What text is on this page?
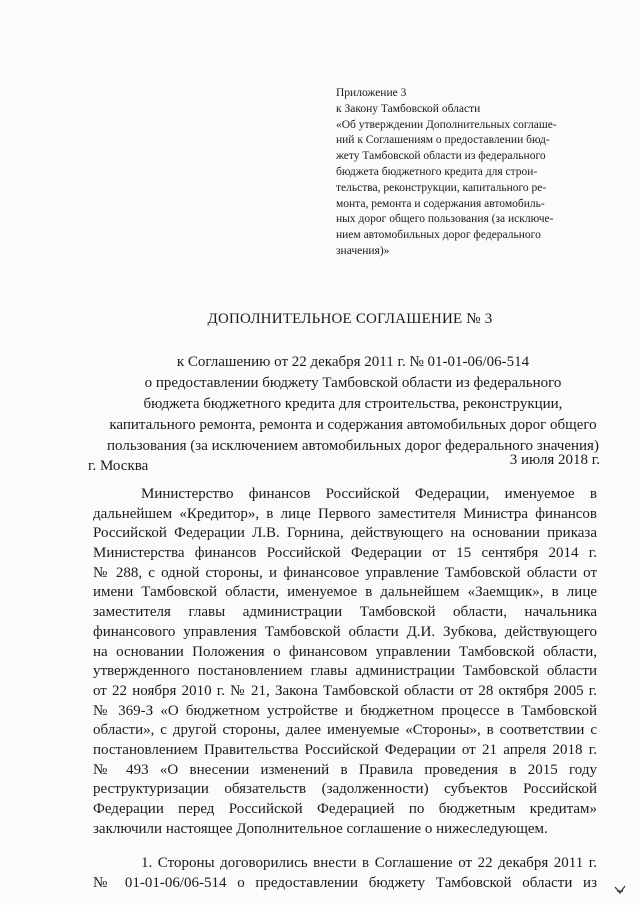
Приложение 3
к Закону Тамбовской области
«Об утверждении Дополнительных соглаше-
ний к Соглашениям о предоставлении бюд-
жету Тамбовской области из федерального
бюджета бюджетного кредита для строи-
тельства, реконструкции, капитального ре-
монта, ремонта и содержания автомобиль-
ных дорог общего пользования (за исключе-
нием автомобильных дорог федерального
значения)»
ДОПОЛНИТЕЛЬНОЕ СОГЛАШЕНИЕ № 3
к Соглашению от 22 декабря 2011 г. № 01-01-06/06-514
о предоставлении бюджету Тамбовской области из федерального
бюджета бюджетного кредита для строительства, реконструкции,
капитального ремонта, ремонта и содержания автомобильных дорог общего
пользования (за исключением автомобильных дорог федерального значения)
г. Москва	3 июля 2018 г.
Министерство финансов Российской Федерации, именуемое в
дальнейшем «Кредитор», в лице Первого заместителя Министра финансов
Российской Федерации Л.В. Горнина, действующего на основании приказа
Министерства финансов Российской Федерации от 15 сентября 2014 г.
№ 288, с одной стороны, и финансовое управление Тамбовской области от
имени Тамбовской области, именуемое в дальнейшем «Заемщик», в лице
заместителя главы администрации Тамбовской области, начальника
финансового управления Тамбовской области Д.И. Зубкова, действующего
на основании Положения о финансовом управлении Тамбовской области,
утвержденного постановлением главы администрации Тамбовской области
от 22 ноября 2010 г. № 21, Закона Тамбовской области от 28 октября 2005 г.
№ 369-З «О бюджетном устройстве и бюджетном процессе в Тамбовской
области», с другой стороны, далее именуемые «Стороны», в соответствии с
постановлением Правительства Российской Федерации от 21 апреля 2018 г.
№ 493 «О внесении изменений в Правила проведения в 2015 году
реструктуризации обязательств (задолженности) субъектов Российской
Федерации перед Российской Федерацией по бюджетным кредитам»
заключили настоящее Дополнительное соглашение о нижеследующем.
1. Стороны договорились внести в Соглашение от 22 декабря 2011 г.
№ 01-01-06/06-514 о предоставлении бюджету Тамбовской области из
